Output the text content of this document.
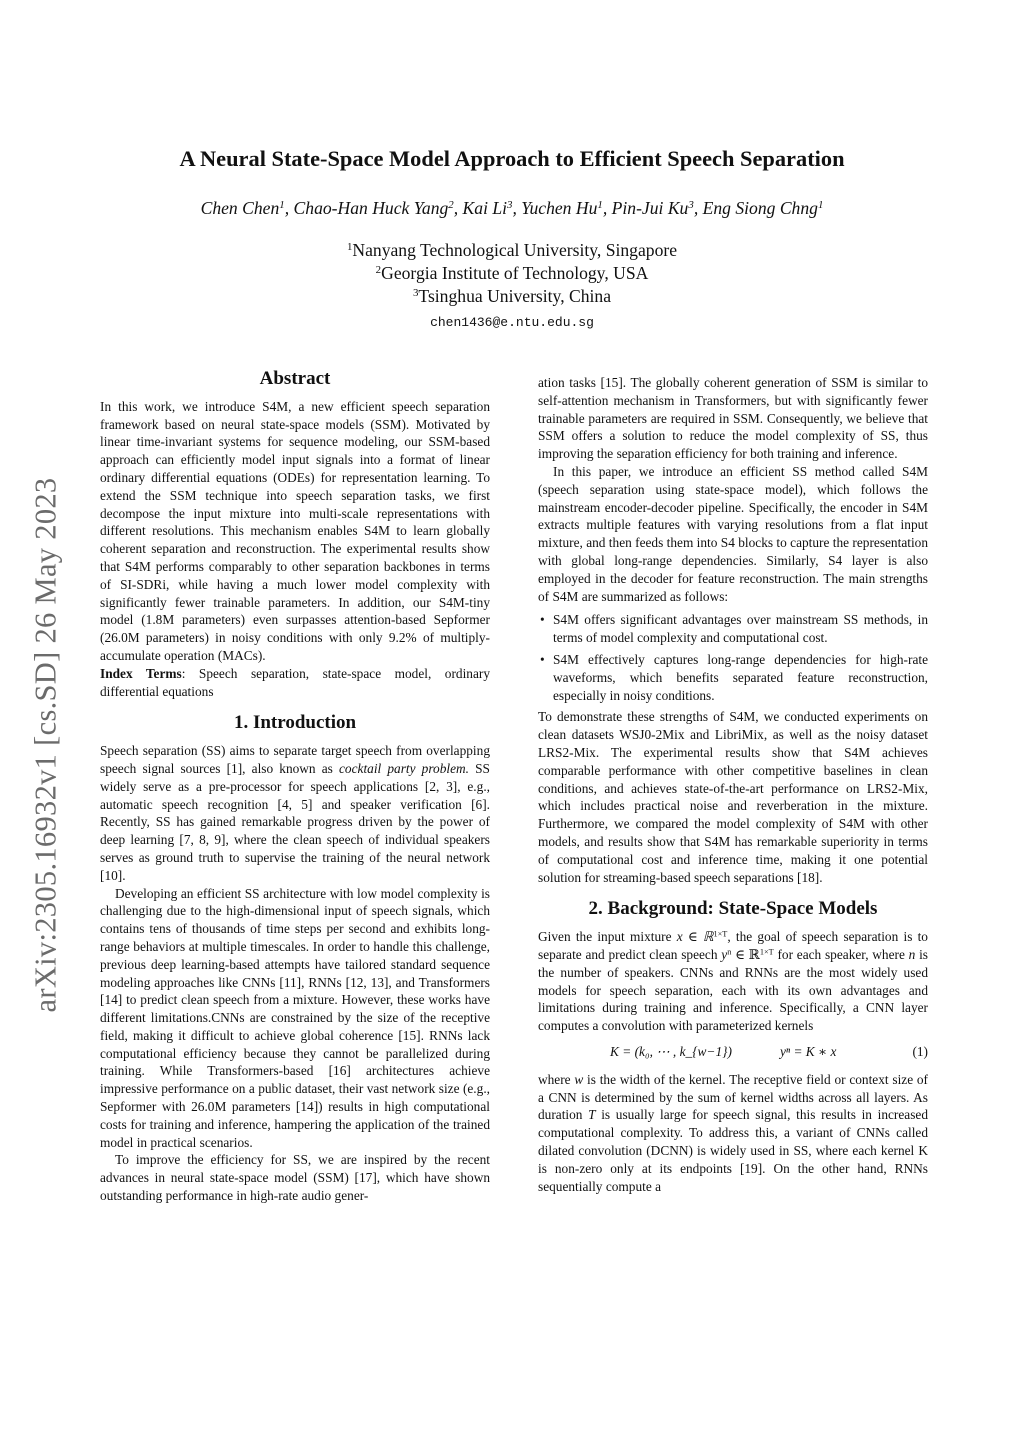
arXiv:2305.16932v1 [cs.SD] 26 May 2023
A Neural State-Space Model Approach to Efficient Speech Separation
Chen Chen$^1$, Chao-Han Huck Yang$^2$, Kai Li$^3$, Yuchen Hu$^1$, Pin-Jui Ku$^3$, Eng Siong Chng$^1$
$^1$Nanyang Technological University, Singapore
$^2$Georgia Institute of Technology, USA
$^3$Tsinghua University, China
chen1436@e.ntu.edu.sg
Abstract

In this work, we introduce S4M, a new efficient speech separation framework based on neural state-space models (SSM). Motivated by linear time-invariant systems for sequence modeling, our SSM-based approach can efficiently model input signals into a format of linear ordinary differential equations (ODEs) for representation learning. To extend the SSM technique into speech separation tasks, we first decompose the input mixture into multi-scale representations with different resolutions. This mechanism enables S4M to learn globally coherent separation and reconstruction. The experimental results show that S4M performs comparably to other separation backbones in terms of SI-SDRi, while having a much lower model complexity with significantly fewer trainable parameters. In addition, our S4M-tiny model (1.8M parameters) even surpasses attention-based Sepformer (26.0M parameters) in noisy conditions with only 9.2% of multiply-accumulate operation (MACs).

Index Terms: Speech separation, state-space model, ordinary differential equations

1. Introduction

Speech separation (SS) aims to separate target speech from overlapping speech signal sources [1], also known as cocktail party problem. SS widely serve as a pre-processor for speech applications [2, 3], e.g., automatic speech recognition [4, 5] and speaker verification [6]. Recently, SS has gained remarkable progress driven by the power of deep learning [7, 8, 9], where the clean speech of individual speakers serves as ground truth to supervise the training of the neural network [10].

Developing an efficient SS architecture with low model complexity is challenging due to the high-dimensional input of speech signals, which contains tens of thousands of time steps per second and exhibits long-range behaviors at multiple timescales. In order to handle this challenge, previous deep learning-based attempts have tailored standard sequence modeling approaches like CNNs [11], RNNs [12, 13], and Transformers [14] to predict clean speech from a mixture. However, these works have different limitations.CNNs are constrained by the size of the receptive field, making it difficult to achieve global coherence [15]. RNNs lack computational efficiency because they cannot be parallelized during training. While Transformers-based [16] architectures achieve impressive performance on a public dataset, their vast network size (e.g., Sepformer with 26.0M parameters [14]) results in high computational costs for training and inference, hampering the application of the trained model in practical scenarios.

To improve the efficiency for SS, we are inspired by the recent advances in neural state-space model (SSM) [17], which have shown outstanding performance in high-rate audio gener-

ation tasks [15]. The globally coherent generation of SSM is similar to self-attention mechanism in Transformers, but with significantly fewer trainable parameters are required in SSM. Consequently, we believe that SSM offers a solution to reduce the model complexity of SS, thus improving the separation efficiency for both training and inference.

In this paper, we introduce an efficient SS method called S4M (speech separation using state-space model), which follows the mainstream encoder-decoder pipeline. Specifically, the encoder in S4M extracts multiple features with varying resolutions from a flat input mixture, and then feeds them into S4 blocks to capture the representation with global long-range dependencies. Similarly, S4 layer is also employed in the decoder for feature reconstruction. The main strengths of S4M are summarized as follows:

• S4M offers significant advantages over mainstream SS methods, in terms of model complexity and computational cost.
• S4M effectively captures long-range dependencies for high-rate waveforms, which benefits separated feature reconstruction, especially in noisy conditions.

To demonstrate these strengths of S4M, we conducted experiments on clean datasets WSJ0-2Mix and LibriMix, as well as the noisy dataset LRS2-Mix. The experimental results show that S4M achieves comparable performance with other competitive baselines in clean conditions, and achieves state-of-the-art performance on LRS2-Mix, which includes practical noise and reverberation in the mixture. Furthermore, we compared the model complexity of S4M with other models, and results show that S4M has remarkable superiority in terms of computational cost and inference time, making it one potential solution for streaming-based speech separations [18].

2. Background: State-Space Models

Given the input mixture x ∈ ℝ$^{1\times T}$, the goal of speech separation is to separate and predict clean speech $y^n$ ∈ ℝ$^{1\times T}$ for each speaker, where n is the number of speakers. CNNs and RNNs are the most widely used models for speech separation, each with its own advantages and limitations during training and inference. Specifically, a CNN layer computes a convolution with parameterized kernels

K = (k₀, ⋯ , k_{w−1})	yⁿ = K ∗ x	(1)

where w is the width of the kernel. The receptive field or context size of a CNN is determined by the sum of kernel widths across all layers. As duration T is usually large for speech signal, this results in increased computational complexity. To address this, a variant of CNNs called dilated convolution (DCNN) is widely used in SS, where each kernel K is non-zero only at its endpoints [19]. On the other hand, RNNs sequentially compute a
